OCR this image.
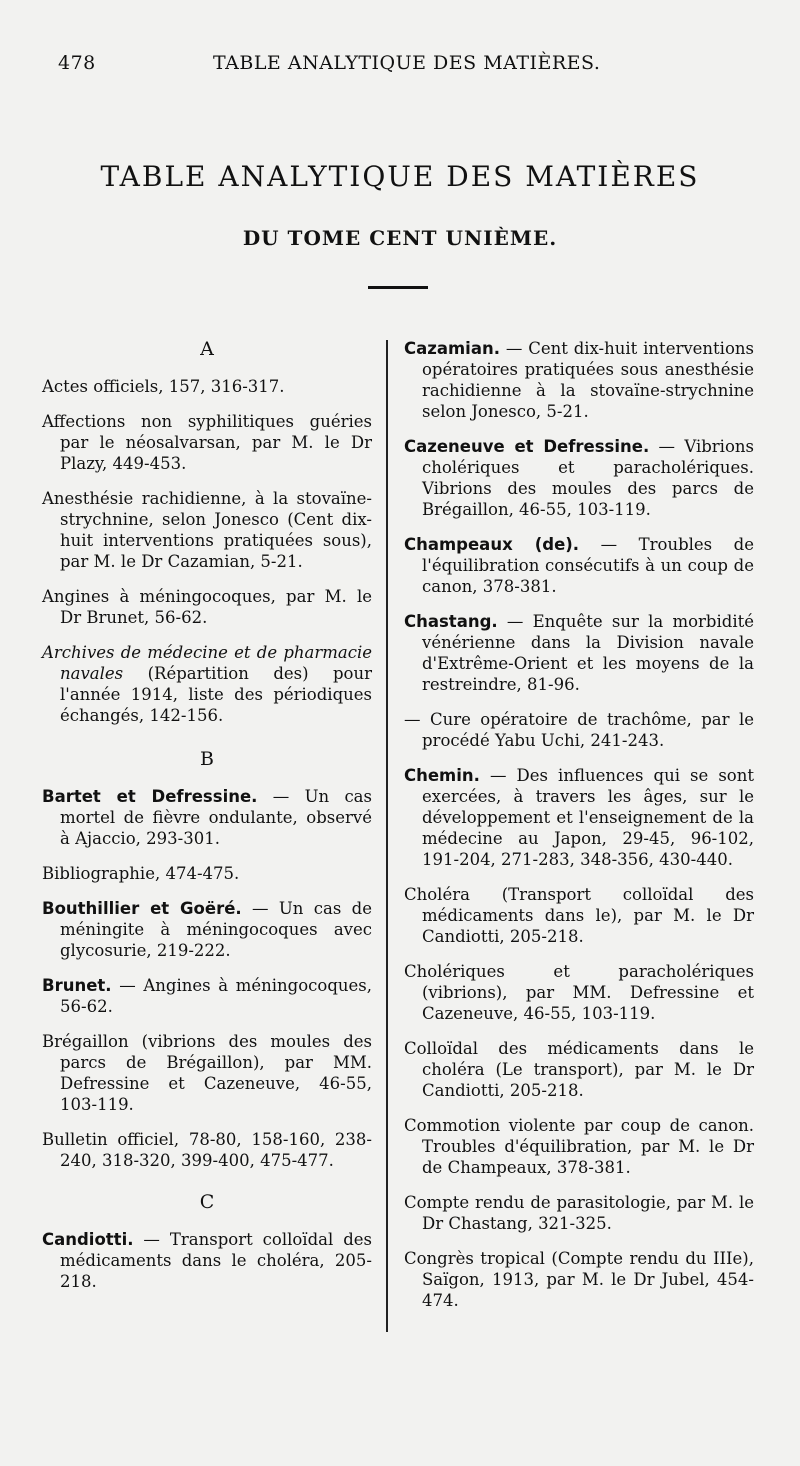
478	TABLE ANALYTIQUE DES MATIÈRES.
TABLE ANALYTIQUE DES MATIÈRES
DU TOME CENT UNIÈME.
A

Actes officiels, 157, 316-317.

Affections non syphilitiques guéries par le néosalvarsan, par M. le Dr Plazy, 449-453.

Anesthésie rachidienne, à la stovaïne-strychnine, selon Jonesco (Cent dix-huit interventions pratiquées sous), par M. le Dr Cazamian, 5-21.

Angines à méningocoques, par M. le Dr Brunet, 56-62.

Archives de médecine et de pharmacie navales (Répartition des) pour l'année 1914, liste des périodiques échangés, 142-156.

B

Bartet et Defressine. — Un cas mortel de fièvre ondulante, observé à Ajaccio, 293-301.

Bibliographie, 474-475.

Bouthillier et Goëré. — Un cas de méningite à méningocoques avec glycosurie, 219-222.

Brunet. — Angines à méningocoques, 56-62.

Brégaillon (vibrions des moules des parcs de Brégaillon), par MM. Defressine et Cazeneuve, 46-55, 103-119.

Bulletin officiel, 78-80, 158-160, 238-240, 318-320, 399-400, 475-477.

C

Candiotti. — Transport colloïdal des médicaments dans le choléra, 205-218.

Cazamian. — Cent dix-huit interventions opératoires pratiquées sous anesthésie rachidienne à la stovaïne-strychnine selon Jonesco, 5-21.

Cazeneuve et Defressine. — Vibrions cholériques et paracholériques. Vibrions des moules des parcs de Brégaillon, 46-55, 103-119.

Champeaux (de). — Troubles de l'équilibration consécutifs à un coup de canon, 378-381.

Chastang. — Enquête sur la morbidité vénérienne dans la Division navale d'Extrême-Orient et les moyens de la restreindre, 81-96.

— Cure opératoire de trachôme, par le procédé Yabu Uchi, 241-243.

Chemin. — Des influences qui se sont exercées, à travers les âges, sur le développement et l'enseignement de la médecine au Japon, 29-45, 96-102, 191-204, 271-283, 348-356, 430-440.

Choléra (Transport colloïdal des médicaments dans le), par M. le Dr Candiotti, 205-218.

Cholériques et paracholériques (vibrions), par MM. Defressine et Cazeneuve, 46-55, 103-119.

Colloïdal des médicaments dans le choléra (Le transport), par M. le Dr Candiotti, 205-218.

Commotion violente par coup de canon. Troubles d'équilibration, par M. le Dr de Champeaux, 378-381.

Compte rendu de parasitologie, par M. le Dr Chastang, 321-325.

Congrès tropical (Compte rendu du IIIe), Saïgon, 1913, par M. le Dr Jubel, 454-474.
